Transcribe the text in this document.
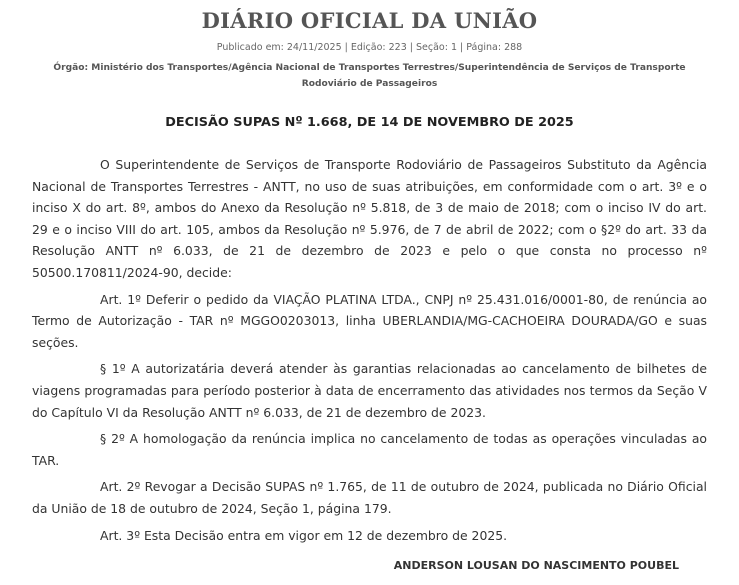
DIÁRIO OFICIAL DA UNIÃO
Publicado em: 24/11/2025 | Edição: 223 | Seção: 1 | Página: 288
Órgão: Ministério dos Transportes/Agência Nacional de Transportes Terrestres/Superintendência de Serviços de Transporte Rodoviário de Passageiros
DECISÃO SUPAS Nº 1.668, DE 14 DE NOVEMBRO DE 2025

O Superintendente de Serviços de Transporte Rodoviário de Passageiros Substituto da Agência Nacional de Transportes Terrestres - ANTT, no uso de suas atribuições, em conformidade com o art. 3º e o inciso X do art. 8º, ambos do Anexo da Resolução nº 5.818, de 3 de maio de 2018; com o inciso IV do art. 29 e o inciso VIII do art. 105, ambos da Resolução nº 5.976, de 7 de abril de 2022; com o §2º do art. 33 da Resolução ANTT nº 6.033, de 21 de dezembro de 2023 e pelo o que consta no processo nº 50500.170811/2024-90, decide:

Art. 1º Deferir o pedido da VIAÇÃO PLATINA LTDA., CNPJ nº 25.431.016/0001-80, de renúncia ao Termo de Autorização - TAR nº MGGO0203013, linha UBERLANDIA/MG-CACHOEIRA DOURADA/GO e suas seções.

§ 1º A autorizatária deverá atender às garantias relacionadas ao cancelamento de bilhetes de viagens programadas para período posterior à data de encerramento das atividades nos termos da Seção V do Capítulo VI da Resolução ANTT nº 6.033, de 21 de dezembro de 2023.

§ 2º A homologação da renúncia implica no cancelamento de todas as operações vinculadas ao TAR.

Art. 2º Revogar a Decisão SUPAS nº 1.765, de 11 de outubro de 2024, publicada no Diário Oficial da União de 18 de outubro de 2024, Seção 1, página 179.

Art. 3º Esta Decisão entra em vigor em 12 de dezembro de 2025.

ANDERSON LOUSAN DO NASCIMENTO POUBEL
